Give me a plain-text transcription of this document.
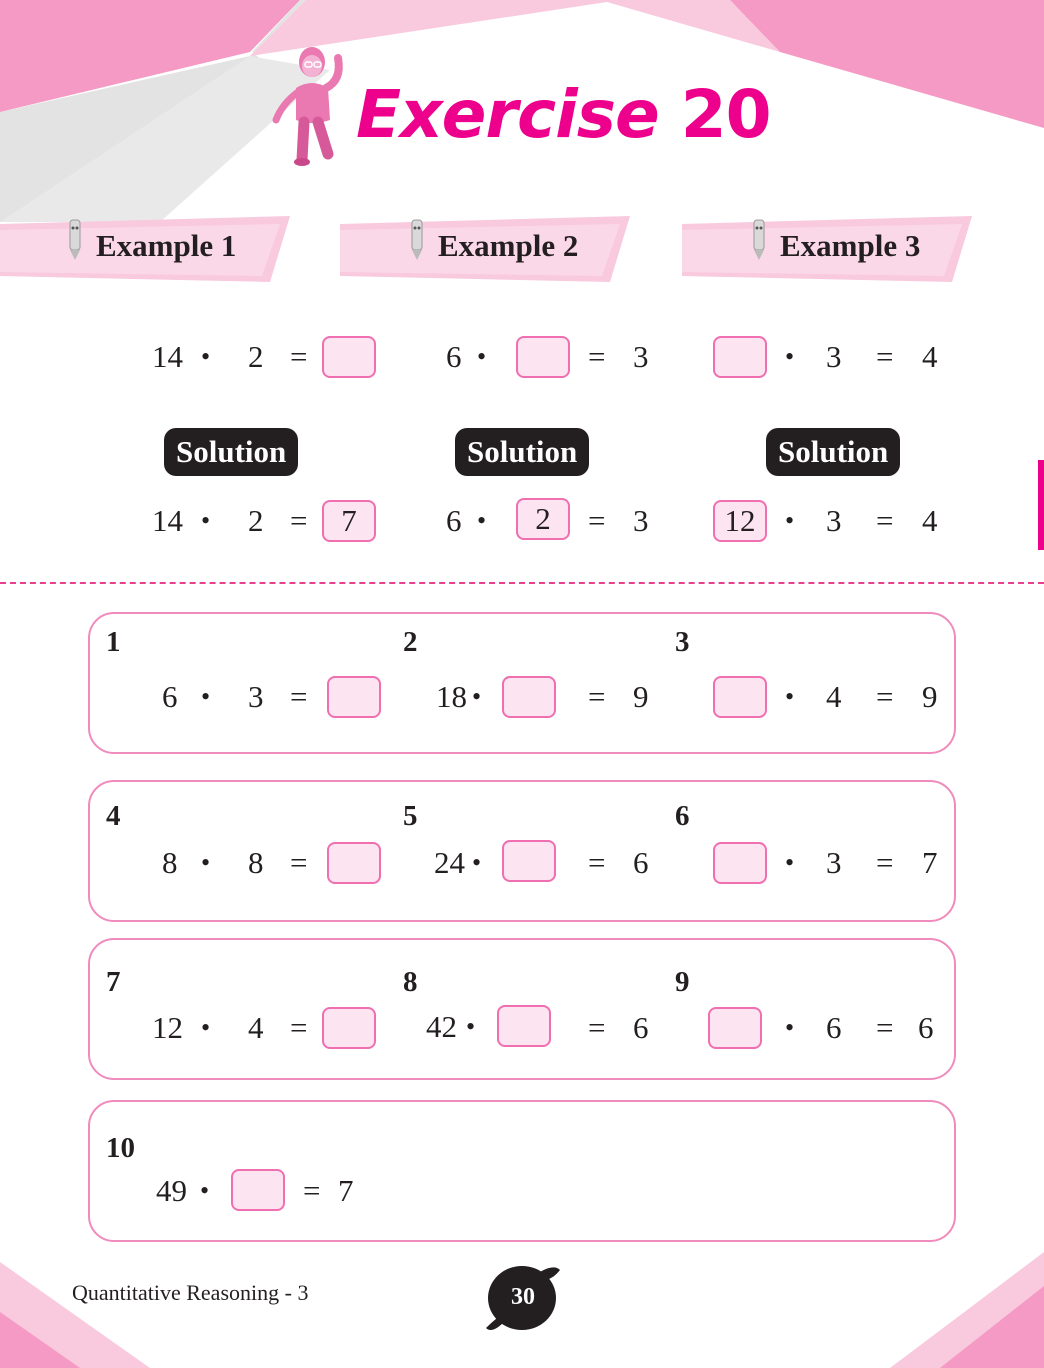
Exercise 20
Example 1	Example 2	Example 3
14 • 2 =	6 •	= 3	• 3 = 4
Solution	Solution	Solution
14 • 2 =	7	6 •	2	= 3	12	• 3 = 4
1
6 • 3 =
2
18 •	= 9
3
• 4 = 9
4
8 • 8 =
5
24 •	= 6
6
• 3 = 7
7
12 • 4 =
8
42 •	= 6
9
• 6 = 6
10
49 •	= 7
Quantitative Reasoning - 3	30
